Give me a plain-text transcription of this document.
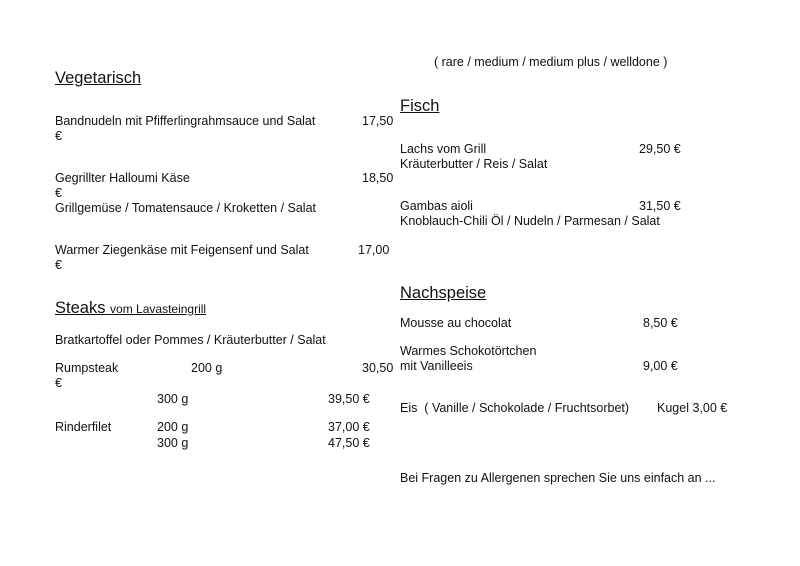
( rare / medium / medium plus / welldone )
Vegetarisch
Bandnudeln mit Pfifferlingrahmsauce und Salat	17,50
€
Gegrillter Halloumi Käse	18,50
€
Grillgemüse / Tomatensauce / Kroketten / Salat
Warmer Ziegenkäse mit Feigensenf und Salat	17,00
€
Steaks vom Lavasteingrill
Bratkartoffel oder Pommes / Kräuterbutter / Salat
Rumpsteak	200 g	30,50
€
300 g	39,50 €
Rinderfilet	200 g	37,00 €
300 g	47,50 €
Fisch
Lachs vom Grill	29,50 €
Kräuterbutter / Reis / Salat
Gambas aioli	31,50 €
Knoblauch-Chili Öl / Nudeln / Parmesan / Salat
Nachspeise
Mousse au chocolat	8,50 €
Warmes Schokotörtchen
mit Vanilleeis	9,00 €
Eis  ( Vanille / Schokolade / Fruchtsorbet) Kugel 3,00 €
Bei Fragen zu Allergenen sprechen Sie uns einfach an ...
